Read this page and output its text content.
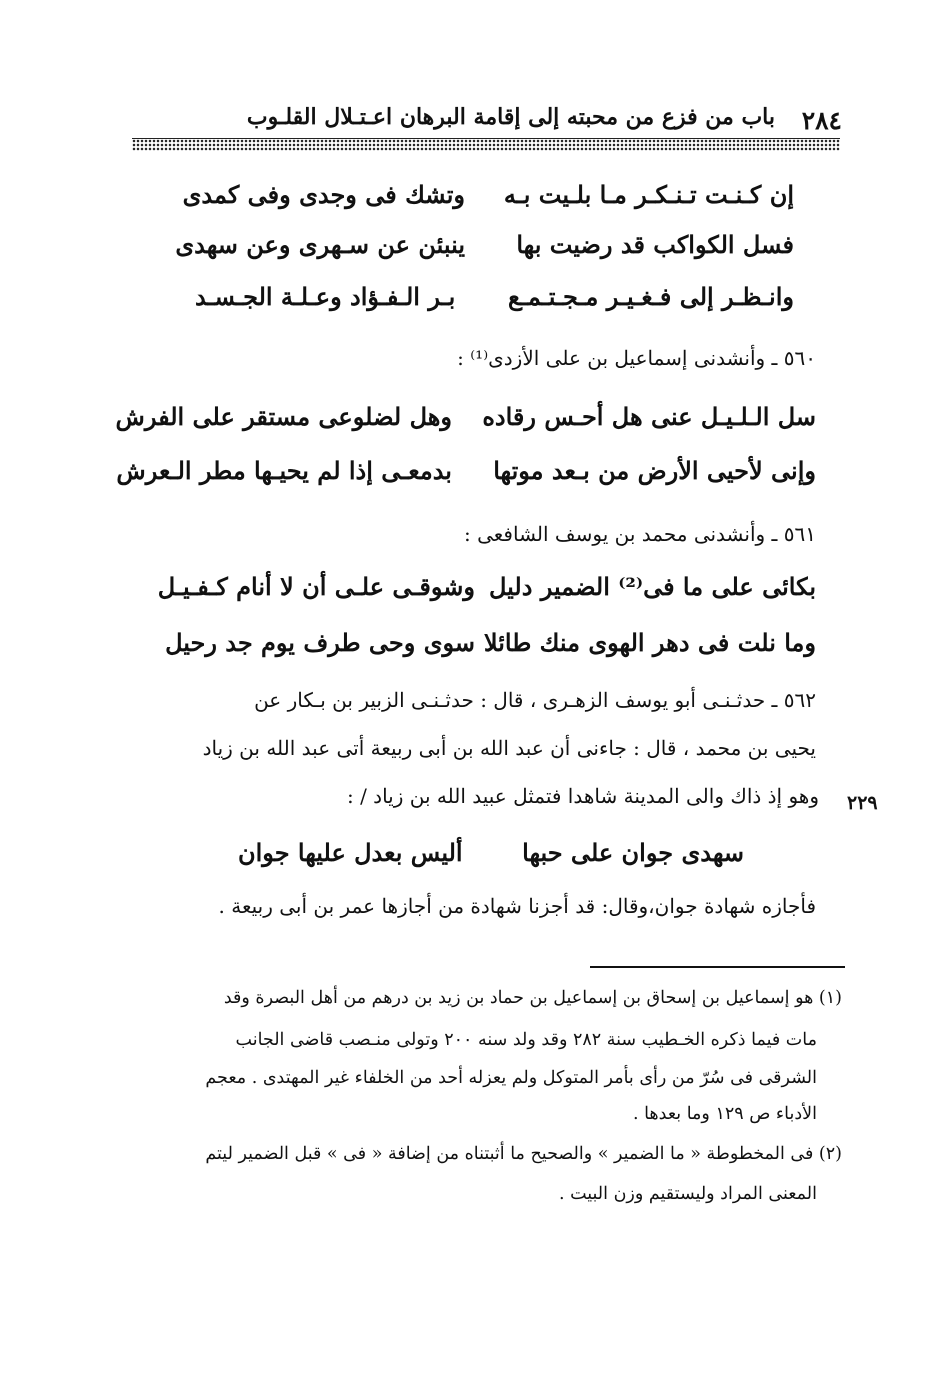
٢٨٤
باب من فزع من محبته إلى إقامة البرهان اعـتـلال القلـوب
إن كـنـت تـنـكـر مـا بلـيت بـه
وتشك فى وجدى وفى كمدى
فسل الكواكب قد رضيت بها
ينبئن عن سـهرى وعن سهدى
وانـظـر إلى فـغـيـر مـجـتـمـع
بـر الـفـؤاد وعـلـة الجـسـد
٥٦٠ ـ وأنشدنى إسماعيل بن على الأزدى⁽¹⁾ :
سل الـلـيـل عنى هل أحـس رقاده
وهل لضلوعى مستقر على الفرش
وإنى لأحيى الأرض من بـعد موتها
بدمعـى إذا لم يحيـها مطر الـعرش
٥٦١ ـ وأنشدنى محمد بن يوسف الشافعى :
بكائى على ما فى⁽²⁾ الضمير دليل
وشوقـى علـى أن لا أنام كـفـيـل
وما نلت فى دهر الهوى منك طائلا
سوى وحى طرف يوم جد رحيل
٥٦٢ ـ حدثـنـى أبو يوسف الزهـرى ، قال : حدثـنـى الزبير بن بـكار عن
يحيى بن محمد ، قال : جاءنى أن عبد الله بن أبى ربيعة أتى عبد الله بن زياد
وهو إذ ذاك والى المدينة شاهدا فتمثل عبيد الله بن زياد / : ٢٢٩
سهدى جوان على حبها
أليس بعدل عليها جوان
فأجازه شهادة جوان،وقال: قد أجزنا شهادة من أجازها عمر بن أبى ربيعة .
(١) هو إسماعيل بن إسحاق بن إسماعيل بن حماد بن زيد بن درهم من أهل البصرة وقد
مات فيما ذكره الخـطيب سنة ٢٨٢ وقد ولد سنه ٢٠٠ وتولى منـصب قاضى الجانب
الشرقى فى سُرّ من رأى بأمر المتوكل ولم يعزله أحد من الخلفاء غير المهتدى . معجم
الأدباء ص ١٢٩ وما بعدها .
(٢) فى المخطوطة « ما الضمير » والصحيح ما أثبتناه من إضافة « فى » قبل الضمير ليتم
المعنى المراد وليستقيم وزن البيت .
